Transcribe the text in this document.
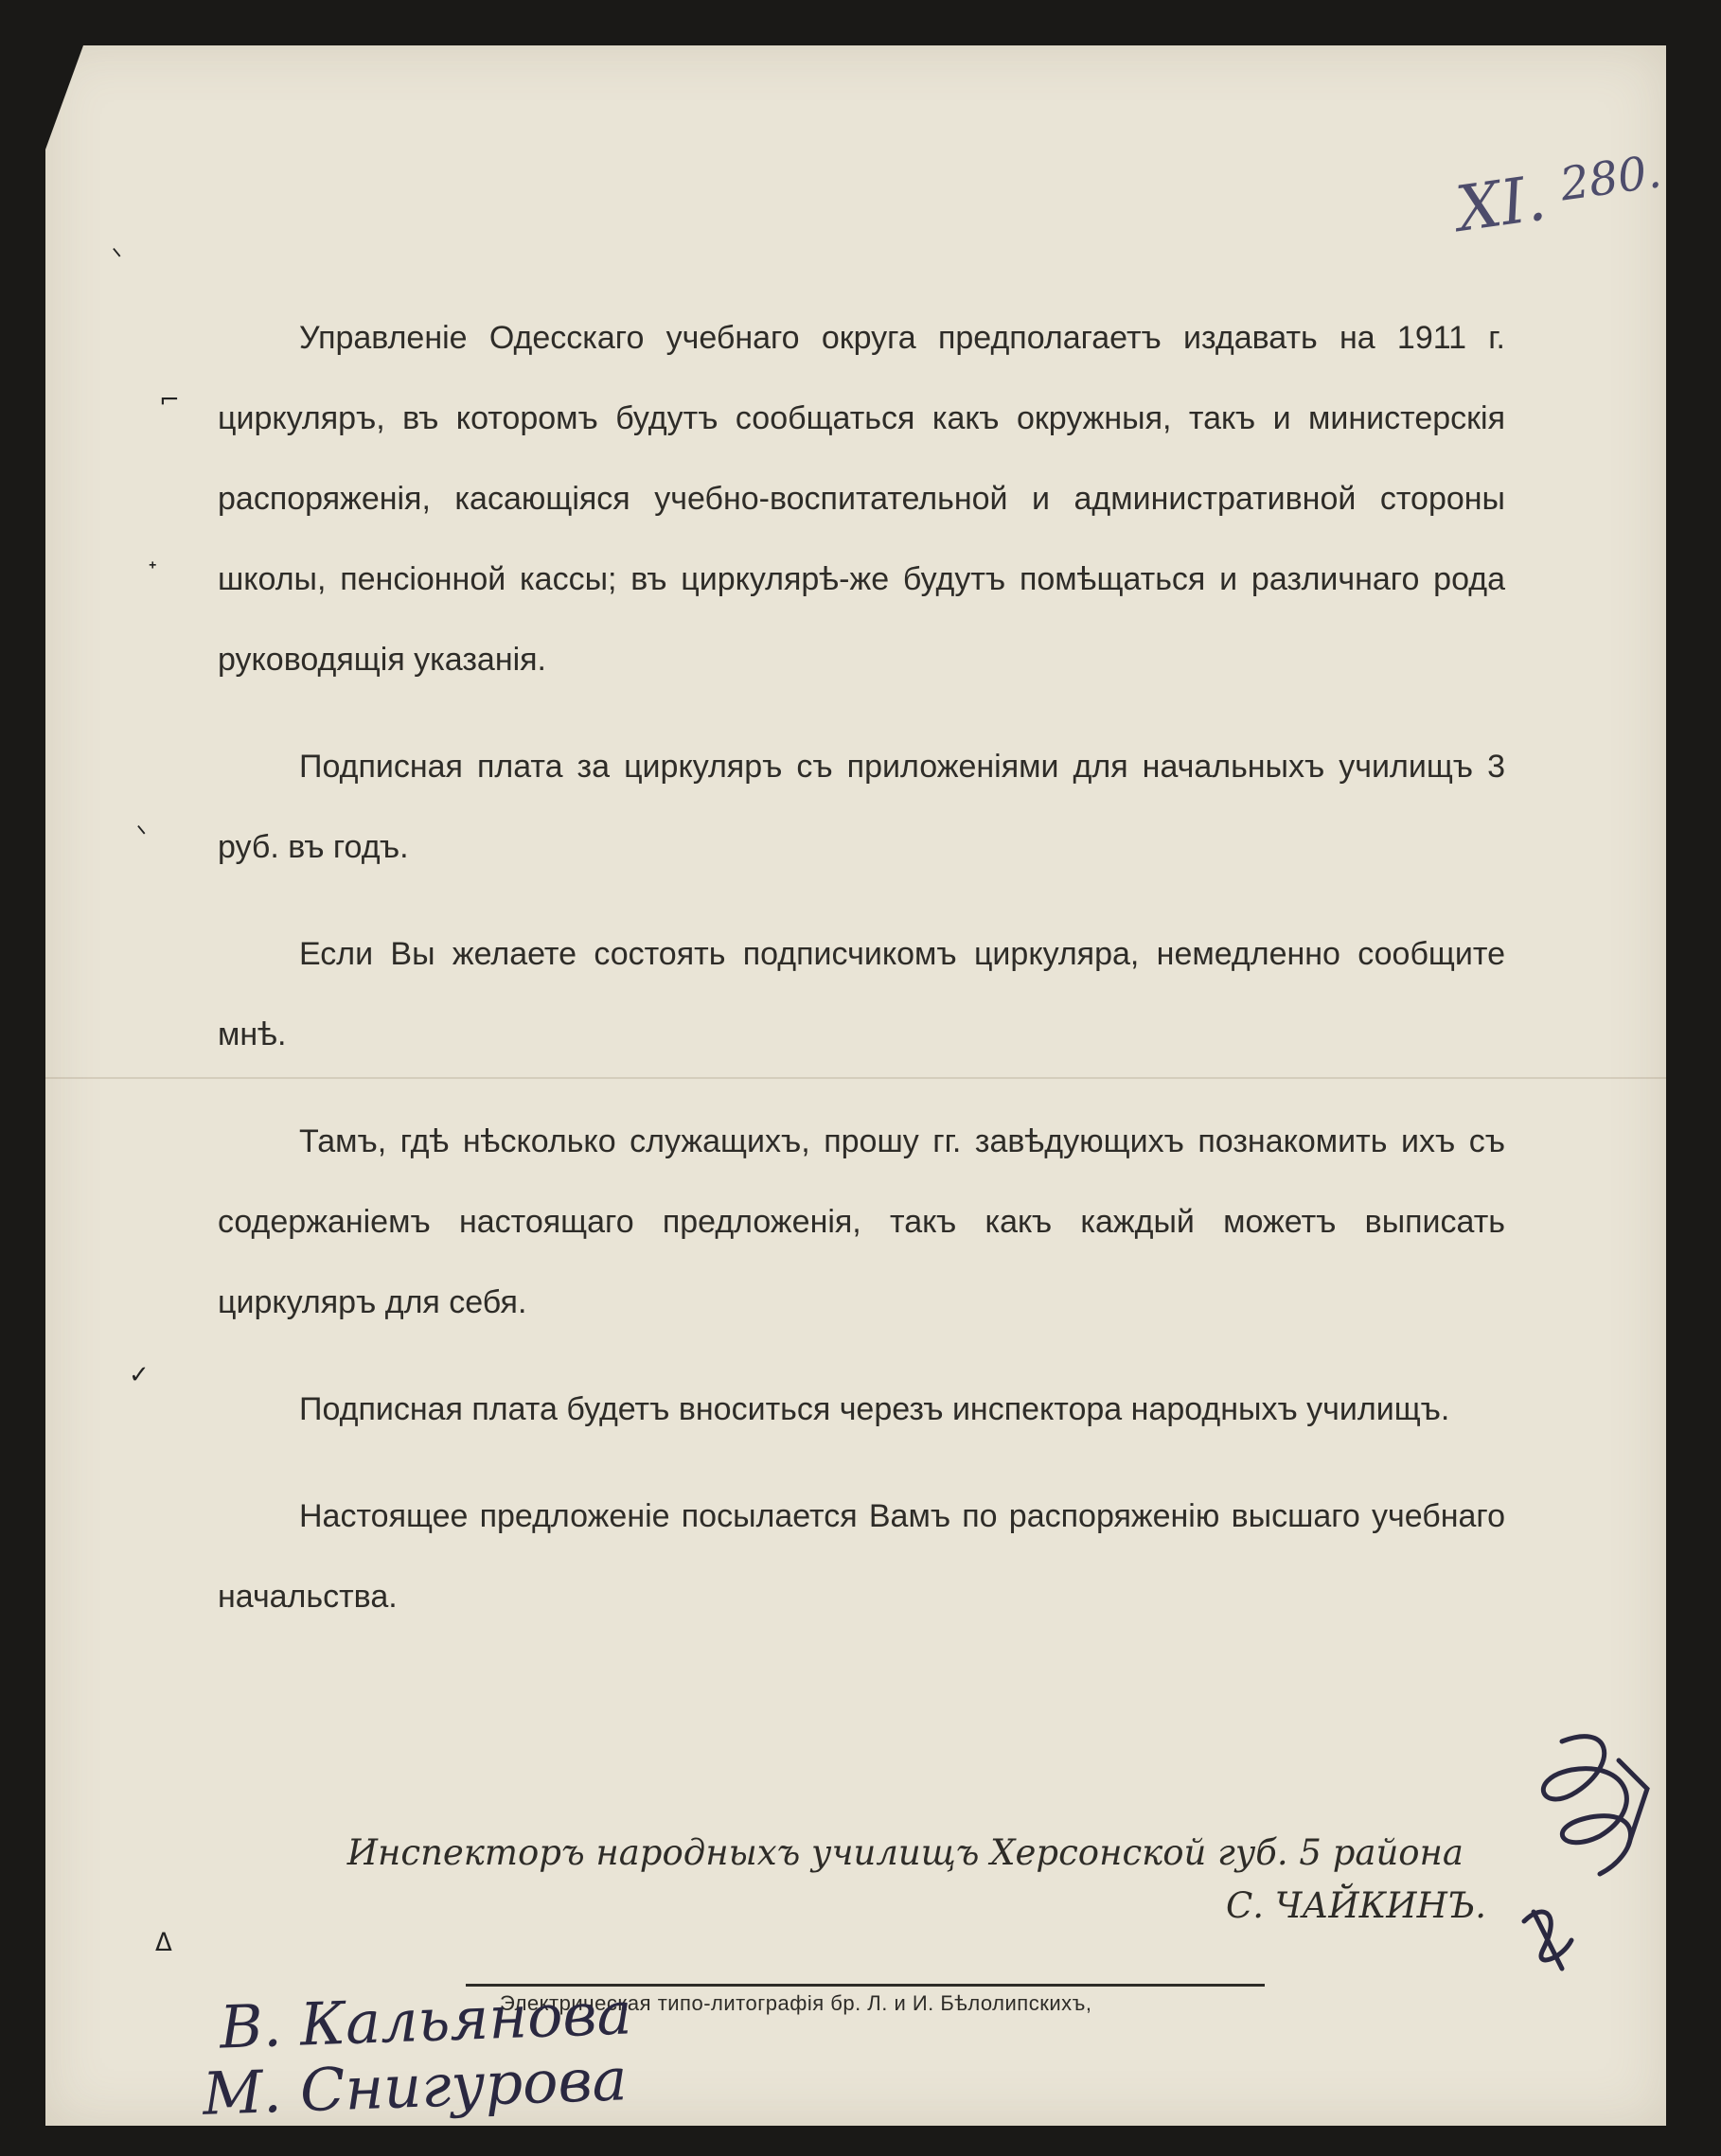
ᐠ
⌐
ᐩ
ᐠ
✓
ᐃ
XI. $^{280.}$

Управленіе Одесскаго учебнаго округа предполагаетъ издавать на 1911 г. циркуляръ, въ которомъ будутъ сообщаться какъ окружныя, такъ и министерскія распоряженія, касающіяся учебно-воспитательной и административной стороны школы, пенсіонной кассы; въ циркулярѣ-же будутъ помѣщаться и различнаго рода руководящія указанія.

Подписная плата за циркуляръ съ приложеніями для начальныхъ училищъ 3 руб. въ годъ.

Если Вы желаете состоять подписчикомъ циркуляра, немедленно сообщите мнѣ.

Тамъ, гдѣ нѣсколько служащихъ, прошу гг. завѣдующихъ познакомить ихъ съ содержаніемъ настоящаго предложенія, такъ какъ каждый можетъ выписать циркуляръ для себя.

Подписная плата будетъ вноситься черезъ инспектора народныхъ училищъ.

Настоящее предложеніе посылается Вамъ по распоряженію высшаго учебнаго начальства.

Инспекторъ народныхъ училищъ Херсонской губ. 5 района
С. ЧАЙКИНЪ.
Электрическая типо-литографія бр. Л. и И. Бѣлолипскихъ,
В. Кальянова
М. Снигурова
